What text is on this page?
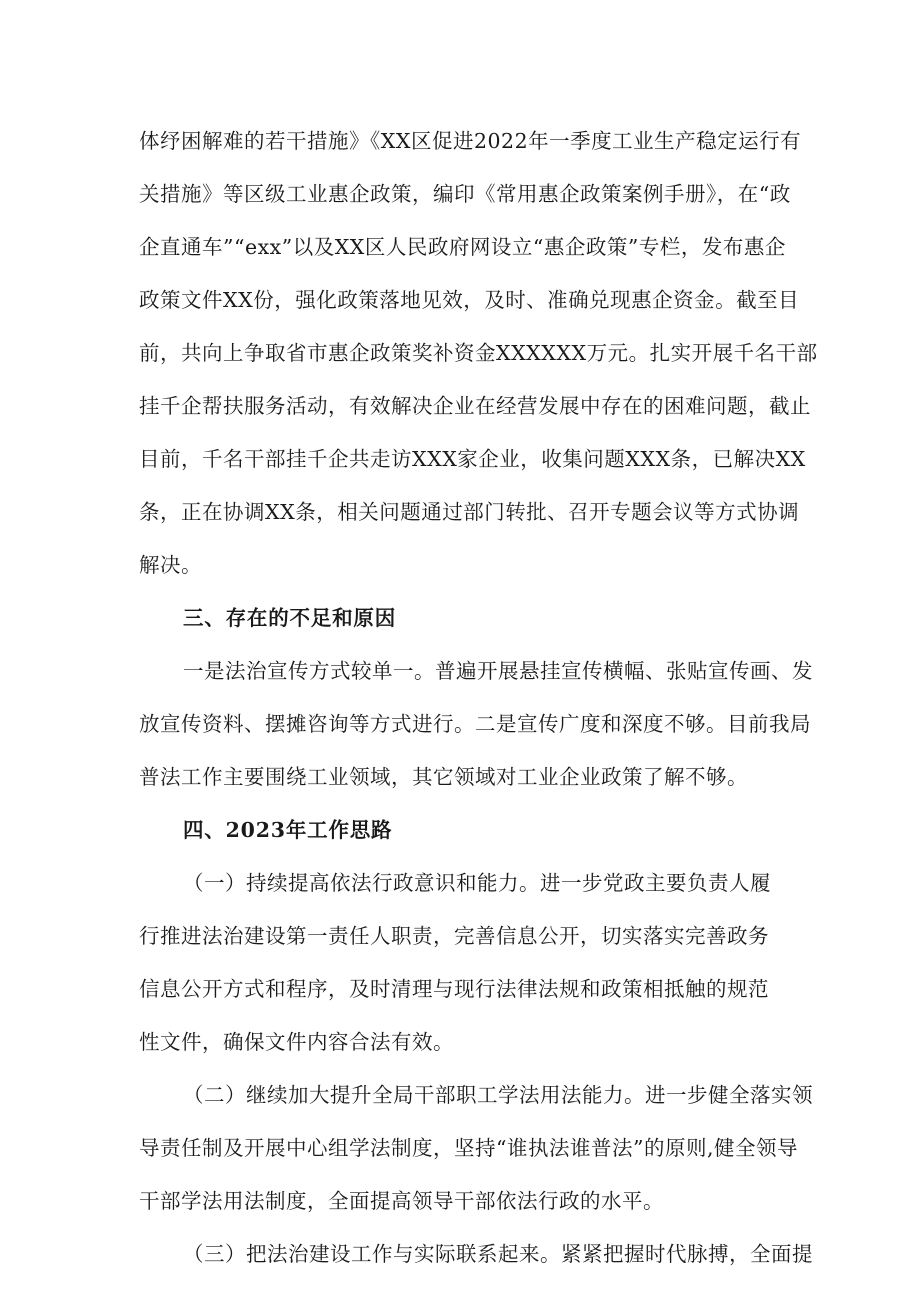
体纾困解难的若干措施》《XX区促进2022年一季度工业生产稳定运行有
关措施》等区级工业惠企政策，编印《常用惠企政策案例手册》，在“政
企直通车”“exx”以及XX区人民政府网设立“惠企政策”专栏，发布惠企
政策文件XX份，强化政策落地见效，及时、准确兑现惠企资金。截至目
前，共向上争取省市惠企政策奖补资金XXXXXX万元。扎实开展千名干部
挂千企帮扶服务活动，有效解决企业在经营发展中存在的困难问题，截止
目前，千名干部挂千企共走访XXX家企业，收集问题XXX条，已解决XX
条，正在协调XX条，相关问题通过部门转批、召开专题会议等方式协调
解决。
三、存在的不足和原因
一是法治宣传方式较单一。普遍开展悬挂宣传横幅、张贴宣传画、发
放宣传资料、摆摊咨询等方式进行。二是宣传广度和深度不够。目前我局
普法工作主要围绕工业领域，其它领域对工业企业政策了解不够。
四、2023年工作思路
（一）持续提高依法行政意识和能力。进一步党政主要负责人履
行推进法治建设第一责任人职责，完善信息公开，切实落实完善政务
信息公开方式和程序，及时清理与现行法律法规和政策相抵触的规范
性文件，确保文件内容合法有效。
（二）继续加大提升全局干部职工学法用法能力。进一步健全落实领
导责任制及开展中心组学法制度，坚持“谁执法谁普法”的原则,健全领导
干部学法用法制度，全面提高领导干部依法行政的水平。
（三）把法治建设工作与实际联系起来。紧紧把握时代脉搏，全面提
